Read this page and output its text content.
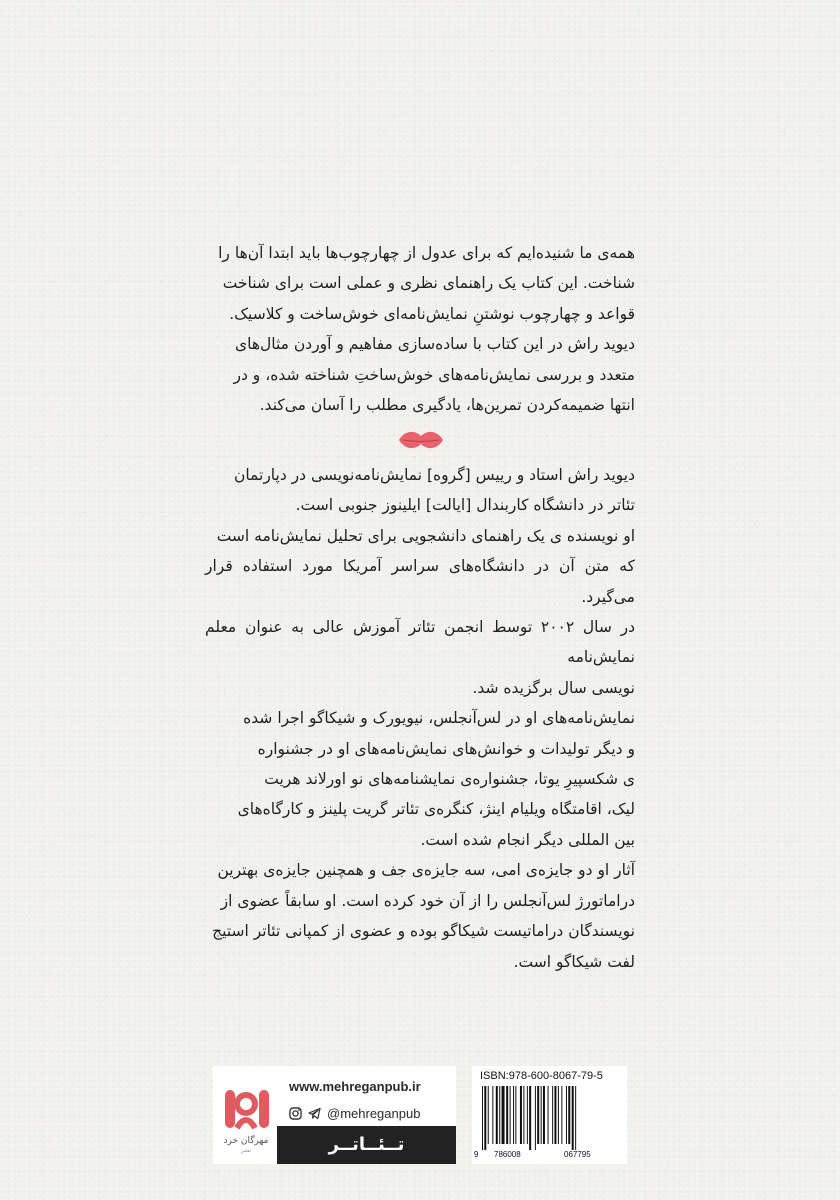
همه‌ی ما شنیده‌ایم که برای عدول از چهارچوب‌ها باید ابتدا آن‌ها را

شناخت. این کتاب یک راهنمای نظری و عملی است برای شناخت

قواعد و چهارچوب نوشتنِ نمایش‌نامه‌ای خوش‌ساخت و کلاسیک.

دیوید راش در این کتاب با ساده‌سازی مفاهیم و آوردن مثال‌های

متعدد و بررسی نمایش‌نامه‌های خوش‌ساختِ شناخته شده، و در

انتها ضمیمه‌کردن تمرین‌ها، یادگیری مطلب را آسان می‌کند.

دیوید راش استاد و رییس [گروه] نمایش‌نامه‌نویسی در دپارتمان

تئاتر در دانشگاه کاربندال [ایالت] ایلینوز جنوبی است.

او نویسنده ی یک راهنمای دانشجویی برای تحلیل نمایش‌نامه است

که متن آن در دانشگاه‌های سراسر آمریکا مورد استفاده قرار می‌گیرد.

در سال ۲۰۰۲ توسط انجمن تئاتر آموزش عالی به عنوان معلم نمایش‌نامه

نویسی سال برگزیده شد.

نمایش‌نامه‌های او در لس‌آنجلس، نیویورک و شیکاگو اجرا شده

و دیگر تولیدات و خوانش‌های نمایش‌نامه‌های او در جشنواره

ی شکسپیرِ یوتا، جشنواره‌ی نمایشنامه‌های نو اورلاند هریت

لیک، اقامتگاه ویلیام اینژ، کنگره‌ی تئاتر گریت پلینز و کارگاه‌های

بین المللی دیگر انجام شده است.

آثار او دو جایزه‌ی امی، سه جایزه‌ی جف و همچنین جایزه‌ی بهترین

دراماتورژ لس‌آنجلس را از آن خود کرده است. او سابقاً عضوی از

نویسندگان دراماتیست شیکاگو بوده و عضوی از کمپانی تئاتر استیج

لفت شیکاگو است.

مهرگان خرد
نشر
www.mehreganpub.ir
@mehreganpub
تــئــاتــر
ISBN:978-600-8067-79-5
9 786008	067795
